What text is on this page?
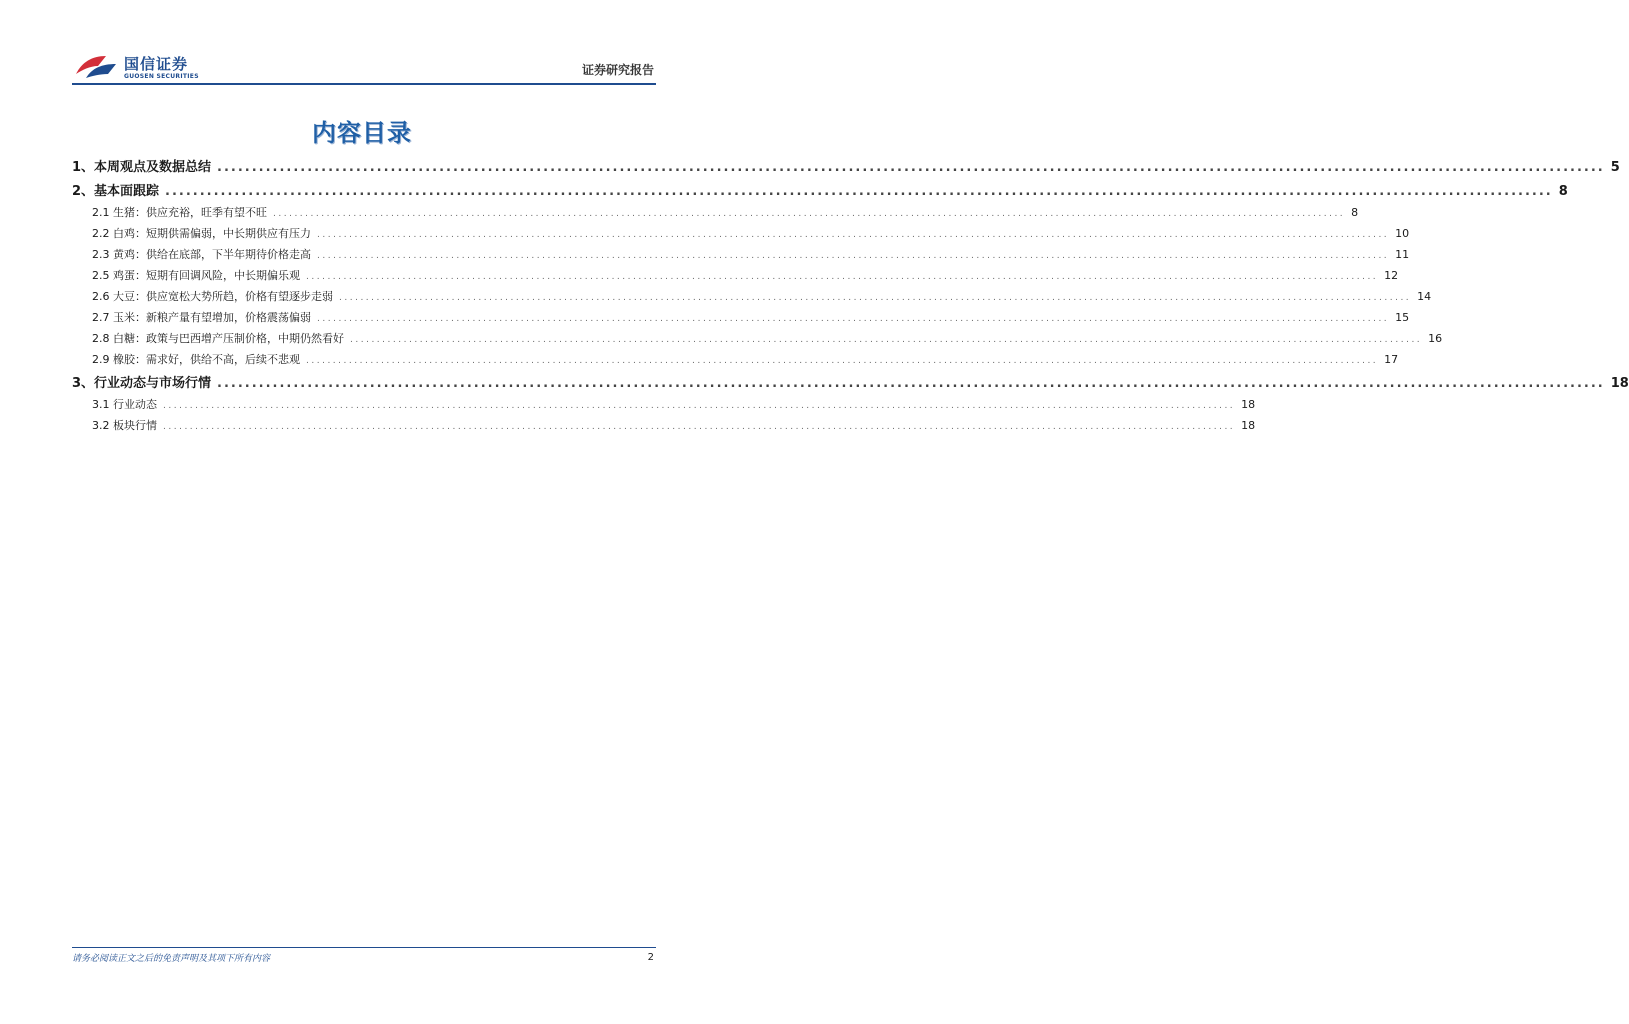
国信证券
GUOSEN SECURITIES	证券研究报告
内容目录
1、本周观点及数据总结 ........................................................................................................................................................................................................ 5
2、基本面跟踪 ........................................................................................................................................................................................................ 8
2.1 生猪：供应充裕，旺季有望不旺 ........................................................................................................................................................................................................ 8
2.2 白鸡：短期供需偏弱，中长期供应有压力 ........................................................................................................................................................................................................ 10
2.3 黄鸡：供给在底部，下半年期待价格走高 ........................................................................................................................................................................................................ 11
2.5 鸡蛋：短期有回调风险，中长期偏乐观 ........................................................................................................................................................................................................ 12
2.6 大豆：供应宽松大势所趋，价格有望逐步走弱 ........................................................................................................................................................................................................ 14
2.7 玉米：新粮产量有望增加，价格震荡偏弱 ........................................................................................................................................................................................................ 15
2.8 白糖：政策与巴西增产压制价格，中期仍然看好 ........................................................................................................................................................................................................ 16
2.9 橡胶：需求好，供给不高，后续不悲观 ........................................................................................................................................................................................................ 17
3、行业动态与市场行情 ........................................................................................................................................................................................................ 18
3.1 行业动态 ........................................................................................................................................................................................................ 18
3.2 板块行情 ........................................................................................................................................................................................................ 18
请务必阅读正文之后的免责声明及其项下所有内容	2
